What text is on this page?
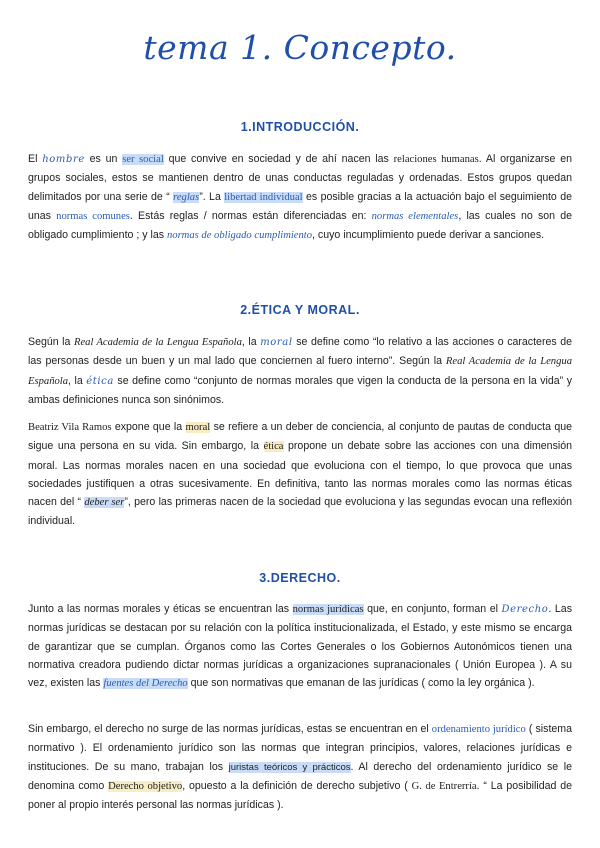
tema 1. Concepto.
1.INTRODUCCIÓN.
El hombre es un ser social que convive en sociedad y de ahí nacen las relaciones humanas. Al organizarse en grupos sociales, estos se mantienen dentro de unas conductas reguladas y ordenadas. Estos grupos quedan delimitados por una serie de “ reglas”. La libertad individual es posible gracias a la actuación bajo el seguimiento de unas normas comunes. Estás reglas / normas están diferenciadas en: normas elementales, las cuales no son de obligado cumplimiento ; y las normas de obligado cumplimiento, cuyo incumplimiento puede derivar a sanciones.
2.ÉTICA Y MORAL.
Según la Real Academia de la Lengua Española, la moral se define como “lo relativo a las acciones o caracteres de las personas desde un buen y un mal lado que conciernen al fuero interno”. Según la Real Academia de la Lengua Española, la ética se define como “conjunto de normas morales que vigen la conducta de la persona en la vida” y ambas definiciones nunca son sinónimos.
Beatriz Vila Ramos expone que la moral se refiere a un deber de conciencia, al conjunto de pautas de conducta que sigue una persona en su vida. Sin embargo, la ética propone un debate sobre las acciones con una dimensión moral. Las normas morales nacen en una sociedad que evoluciona con el tiempo, lo que provoca que unas sociedades justifiquen a otras sucesivamente. En definitiva, tanto las normas morales como las normas éticas nacen del “ deber ser”, pero las primeras nacen de la sociedad que evoluciona y las segundas evocan una reflexión individual.
3.DERECHO.
Junto a las normas morales y éticas se encuentran las normas jurídicas que, en conjunto, forman el Derecho. Las normas jurídicas se destacan por su relación con la política institucionalizada, el Estado, y este mismo se encarga de garantizar que se cumplan. Órganos como las Cortes Generales o los Gobiernos Autonómicos tienen una normativa creadora pudiendo dictar normas jurídicas a organizaciones supranacionales ( Unión Europea ). A su vez, existen las fuentes del Derecho que son normativas que emanan de las jurídicas ( como la ley orgánica ).
Sin embargo, el derecho no surge de las normas jurídicas, estas se encuentran en el ordenamiento jurídico ( sistema normativo ). El ordenamiento jurídico son las normas que integran principios, valores, relaciones jurídicas e instituciones. De su mano, trabajan los juristas teóricos y prácticos. Al derecho del ordenamiento jurídico se le denomina como Derecho objetivo, opuesto a la definición de derecho subjetivo ( G. de Entrerría. “ La posibilidad de poner al propio interés personal las normas jurídicas ).
